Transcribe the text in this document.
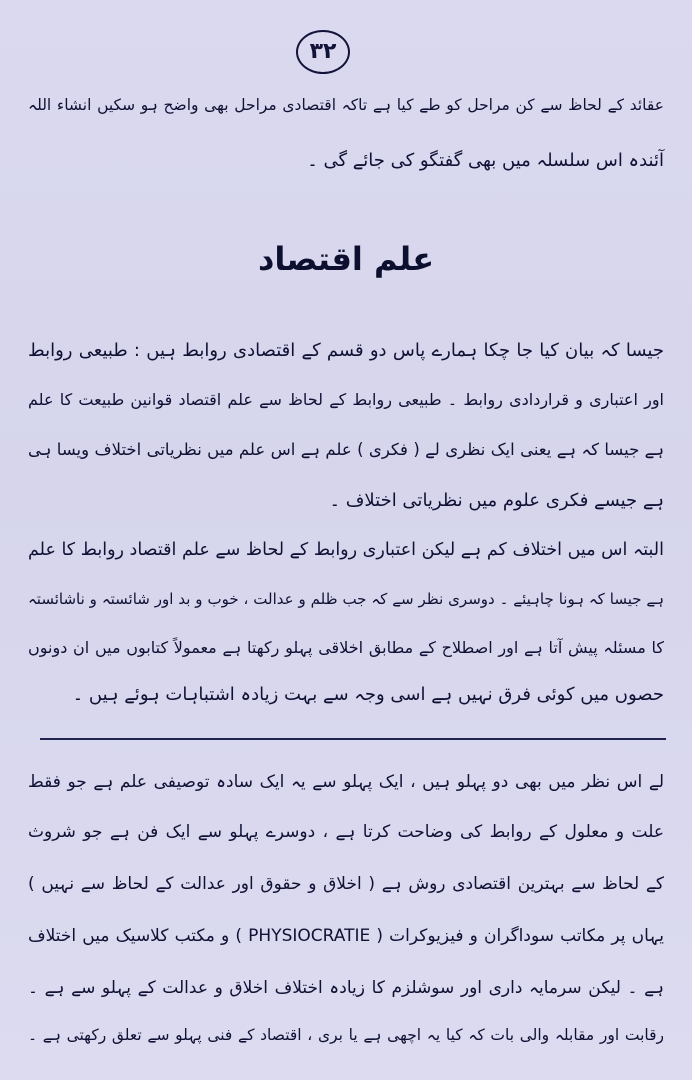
۳۲
عقائد کے لحاظ سے کن مراحل کو طے کیا ہے تاکہ اقتصادی مراحل بھی واضح ہو سکیں انشاء اللہ
آئندہ اس سلسلہ میں بھی گفتگو کی جائے گی ۔
علم اقتصاد
جیسا کہ بیان کیا جا چکا ہمارے پاس دو قسم کے اقتصادی روابط ہیں : طبیعی روابط
اور اعتباری و قراردادی روابط ۔ طبیعی روابط کے لحاظ سے علم اقتصاد قوانین طبیعت کا علم
ہے جیسا کہ ہے یعنی ایک نظری لے ( فکری ) علم ہے اس علم میں نظریاتی اختلاف ویسا ہی
ہے جیسے فکری علوم میں نظریاتی اختلاف ۔
البتہ اس میں اختلاف کم ہے لیکن اعتباری روابط کے لحاظ سے علم اقتصاد روابط کا علم
ہے جیسا کہ ہونا چاہیئے ۔ دوسری نظر سے کہ جب ظلم و عدالت ، خوب و بد اور شائستہ و ناشائستہ
کا مسئلہ پیش آتا ہے اور اصطلاح کے مطابق اخلاقی پہلو رکھتا ہے معمولاً کتابوں میں ان دونوں
حصوں میں کوئی فرق نہیں ہے اسی وجہ سے بہت زیادہ اشتباہات ہوئے ہیں ۔
لے اس نظر میں بھی دو پہلو ہیں ، ایک پہلو سے یہ ایک سادہ توصیفی علم ہے جو فقط
علت و معلول کے روابط کی وضاحت کرتا ہے ، دوسرے پہلو سے ایک فن ہے جو شروث
کے لحاظ سے بہترین اقتصادی روش ہے ( اخلاق و حقوق اور عدالت کے لحاظ سے نہیں )
یہاں پر مکاتب سوداگران و فیزیوکرات ( PHYSIOCRATIE ) و مکتب کلاسیک میں اختلاف
ہے ۔ لیکن سرمایہ داری اور سوشلزم کا زیادہ اختلاف اخلاق و عدالت کے پہلو سے ہے ۔
رقابت اور مقابلہ والی بات کہ کیا یہ اچھی ہے یا بری ، اقتصاد کے فنی پہلو سے تعلق رکھتی ہے ۔
